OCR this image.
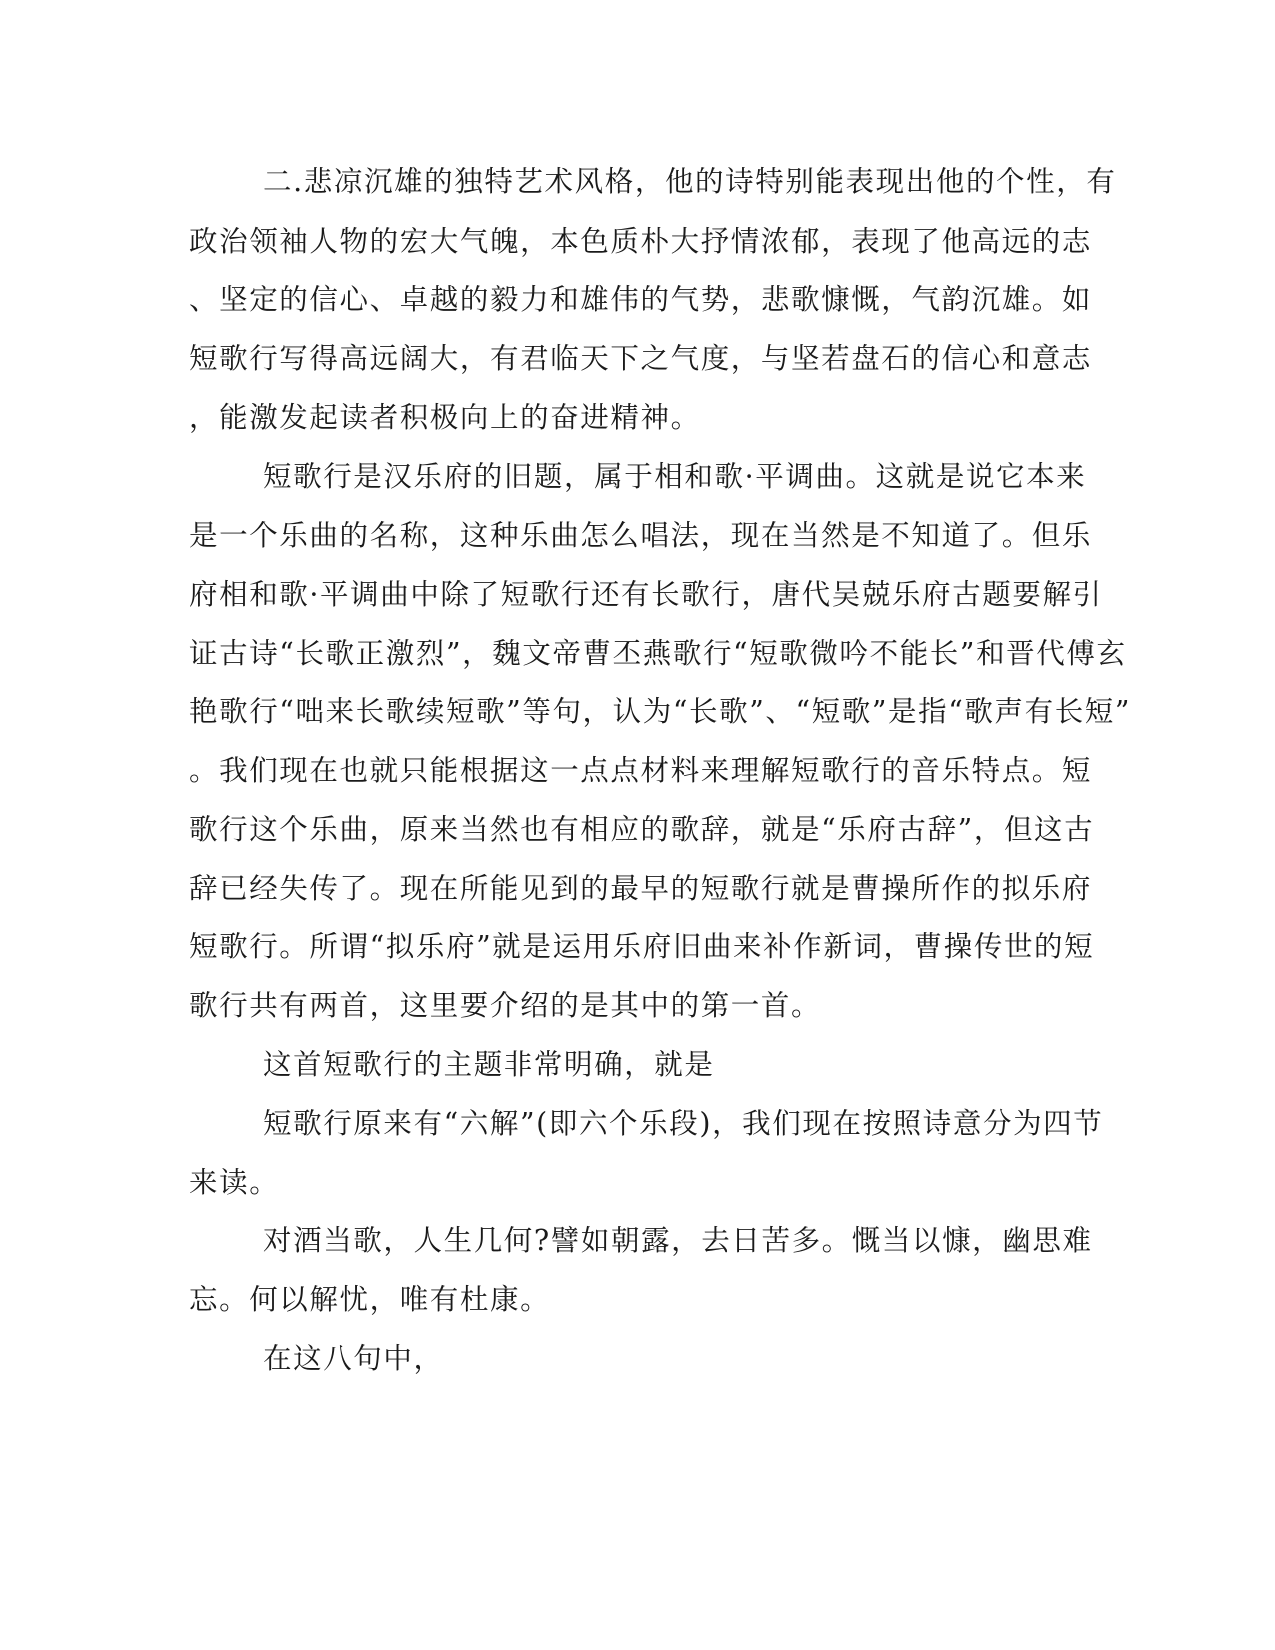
二.悲凉沉雄的独特艺术风格，他的诗特别能表现出他的个性，有
政治领袖人物的宏大气魄，本色质朴大抒情浓郁，表现了他高远的志
、坚定的信心、卓越的毅力和雄伟的气势，悲歌慷慨，气韵沉雄。如
短歌行写得高远阔大，有君临天下之气度，与坚若盘石的信心和意志
，能激发起读者积极向上的奋进精神。
短歌行是汉乐府的旧题，属于相和歌·平调曲。这就是说它本来
是一个乐曲的名称，这种乐曲怎么唱法，现在当然是不知道了。但乐
府相和歌·平调曲中除了短歌行还有长歌行，唐代吴兢乐府古题要解引
证古诗“长歌正激烈”，魏文帝曹丕燕歌行“短歌微吟不能长”和晋代傅玄
艳歌行“咄来长歌续短歌”等句，认为“长歌”、“短歌”是指“歌声有长短”
。我们现在也就只能根据这一点点材料来理解短歌行的音乐特点。短
歌行这个乐曲，原来当然也有相应的歌辞，就是“乐府古辞”，但这古
辞已经失传了。现在所能见到的最早的短歌行就是曹操所作的拟乐府
短歌行。所谓“拟乐府”就是运用乐府旧曲来补作新词，曹操传世的短
歌行共有两首，这里要介绍的是其中的第一首。
这首短歌行的主题非常明确，就是
短歌行原来有“六解”(即六个乐段)，我们现在按照诗意分为四节
来读。
对酒当歌，人生几何?譬如朝露，去日苦多。慨当以慷，幽思难
忘。何以解忧，唯有杜康。
在这八句中，
